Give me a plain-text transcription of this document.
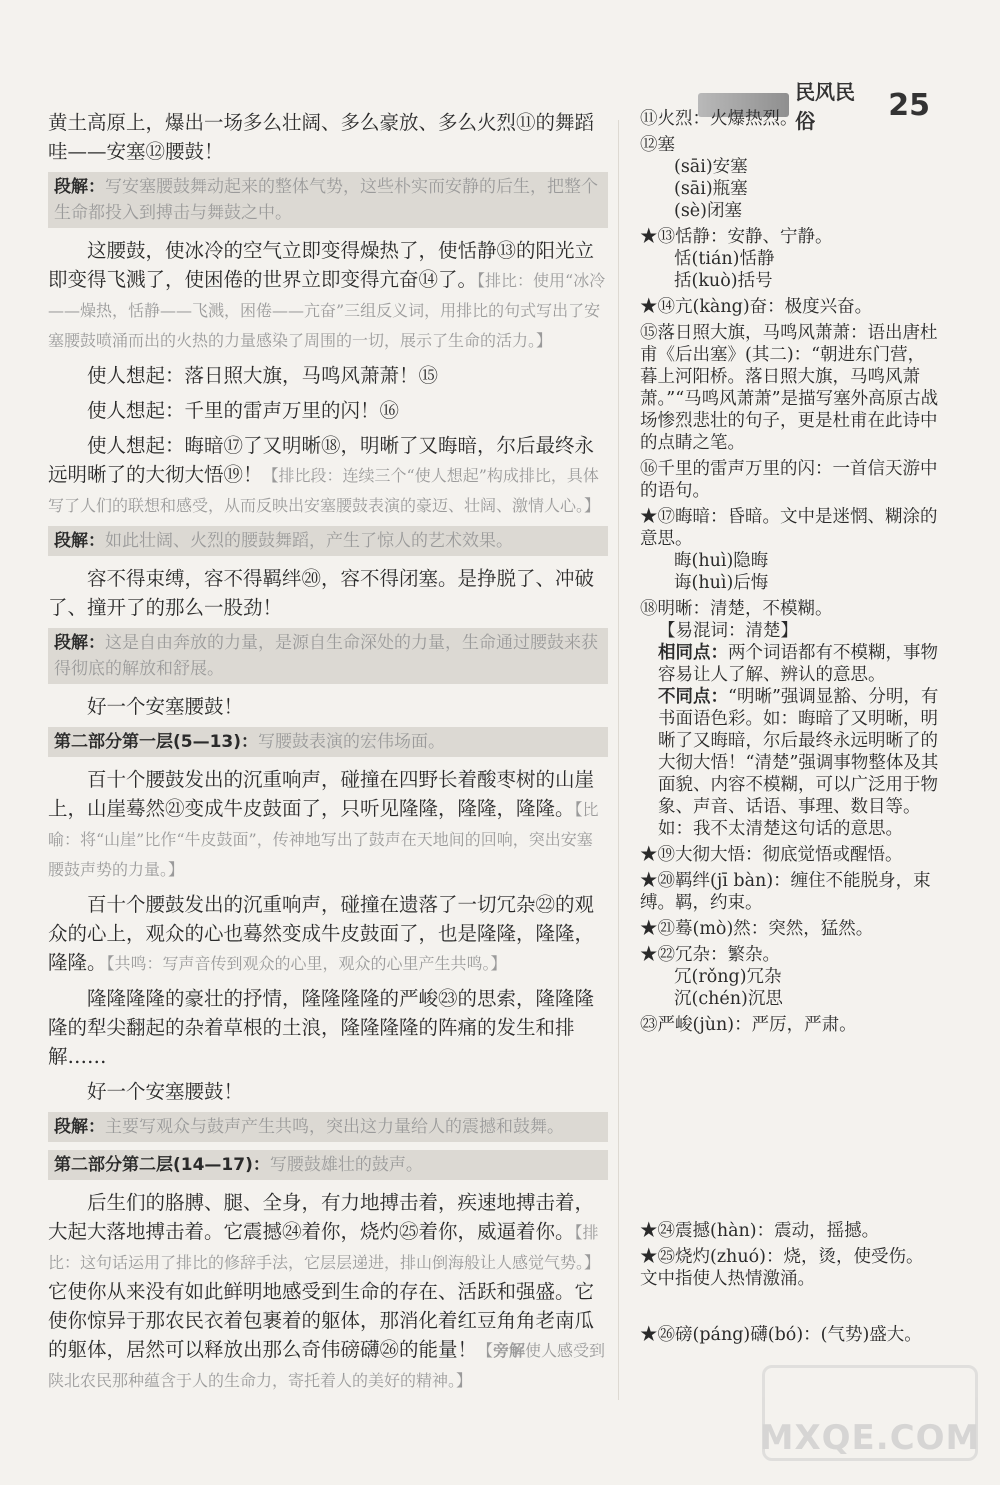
民风民俗	25

黄土高原上，爆出一场多么壮阔、多么豪放、多么火烈⑪的舞蹈哇——安塞⑫腰鼓！

段解：写安塞腰鼓舞动起来的整体气势，这些朴实而安静的后生，把整个生命都投入到搏击与舞鼓之中。

这腰鼓，使冰冷的空气立即变得燥热了，使恬静⑬的阳光立即变得飞溅了，使困倦的世界立即变得亢奋⑭了。【排比：使用“冰冷——燥热，恬静——飞溅，困倦——亢奋”三组反义词，用排比的句式写出了安塞腰鼓喷涌而出的火热的力量感染了周围的一切，展示了生命的活力。】

使人想起：落日照大旗，马鸣风萧萧！⑮

使人想起：千里的雷声万里的闪！⑯

使人想起：晦暗⑰了又明晰⑱，明晰了又晦暗，尔后最终永远明晰了的大彻大悟⑲！【排比段：连续三个“使人想起”构成排比，具体写了人们的联想和感受，从而反映出安塞腰鼓表演的豪迈、壮阔、激情人心。】

段解：如此壮阔、火烈的腰鼓舞蹈，产生了惊人的艺术效果。

容不得束缚，容不得羁绊⑳，容不得闭塞。是挣脱了、冲破了、撞开了的那么一股劲！

段解：这是自由奔放的力量，是源自生命深处的力量，生命通过腰鼓来获得彻底的解放和舒展。

好一个安塞腰鼓！

第二部分第一层(5—13)：写腰鼓表演的宏伟场面。

百十个腰鼓发出的沉重响声，碰撞在四野长着酸枣树的山崖上，山崖蓦然㉑变成牛皮鼓面了，只听见隆隆，隆隆，隆隆。【比喻：将“山崖”比作“牛皮鼓面”，传神地写出了鼓声在天地间的回响，突出安塞腰鼓声势的力量。】

百十个腰鼓发出的沉重响声，碰撞在遗落了一切冗杂㉒的观众的心上，观众的心也蓦然变成牛皮鼓面了，也是隆隆，隆隆，隆隆。【共鸣：写声音传到观众的心里，观众的心里产生共鸣。】

隆隆隆隆的豪壮的抒情，隆隆隆隆的严峻㉓的思索，隆隆隆隆的犁尖翻起的杂着草根的土浪，隆隆隆隆的阵痛的发生和排解……

好一个安塞腰鼓！

段解：主要写观众与鼓声产生共鸣，突出这力量给人的震撼和鼓舞。
第二部分第二层(14—17)：写腰鼓雄壮的鼓声。

后生们的胳膊、腿、全身，有力地搏击着，疾速地搏击着，大起大落地搏击着。它震撼㉔着你，烧灼㉕着你，威逼着你。【排比：这句话运用了排比的修辞手法，它层层递进，排山倒海般让人感觉气势。】它使你从来没有如此鲜明地感受到生命的存在、活跃和强盛。它使你惊异于那农民衣着包裹着的躯体，那消化着红豆角角老南瓜的躯体，居然可以释放出那么奇伟磅礴㉖的能量！【旁解使人感受到陕北农民那种蕴含于人的生命力，寄托着人的美好的精神。】

⑪火烈：火爆热烈。
⑫塞
(sāi)安塞
(sāi)瓶塞
(sè)闭塞
★⑬恬静：安静、宁静。
恬(tián)恬静
括(kuò)括号
★⑭亢(kàng)奋：极度兴奋。
⑮落日照大旗，马鸣风萧萧：语出唐杜甫《后出塞》(其二)：“朝进东门营，暮上河阳桥。落日照大旗，马鸣风萧萧。”“马鸣风萧萧”是描写塞外高原古战场惨烈悲壮的句子，更是杜甫在此诗中的点睛之笔。
⑯千里的雷声万里的闪：一首信天游中的语句。
★⑰晦暗：昏暗。文中是迷惘、糊涂的意思。
晦(huì)隐晦
诲(huì)后悔
⑱明晰：清楚，不模糊。
【易混词：清楚】
相同点：两个词语都有不模糊，事物容易让人了解、辨认的意思。
不同点：“明晰”强调显豁、分明，有书面语色彩。如：晦暗了又明晰，明晰了又晦暗，尔后最终永远明晰了的大彻大悟！“清楚”强调事物整体及其面貌、内容不模糊，可以广泛用于物象、声音、话语、事理、数目等。如：我不太清楚这句话的意思。
★⑲大彻大悟：彻底觉悟或醒悟。
★⑳羁绊(jī bàn)：缠住不能脱身，束缚。羁，约束。
★㉑蓦(mò)然：突然，猛然。
★㉒冗杂：繁杂。
冗(rǒng)冗杂
沉(chén)沉思
㉓严峻(jùn)：严厉，严肃。
★㉔震撼(hàn)：震动，摇撼。
★㉕烧灼(zhuó)：烧，烫，使受伤。文中指使人热情激涌。
★㉖磅(páng)礴(bó)：(气势)盛大。
MXQE.COM
